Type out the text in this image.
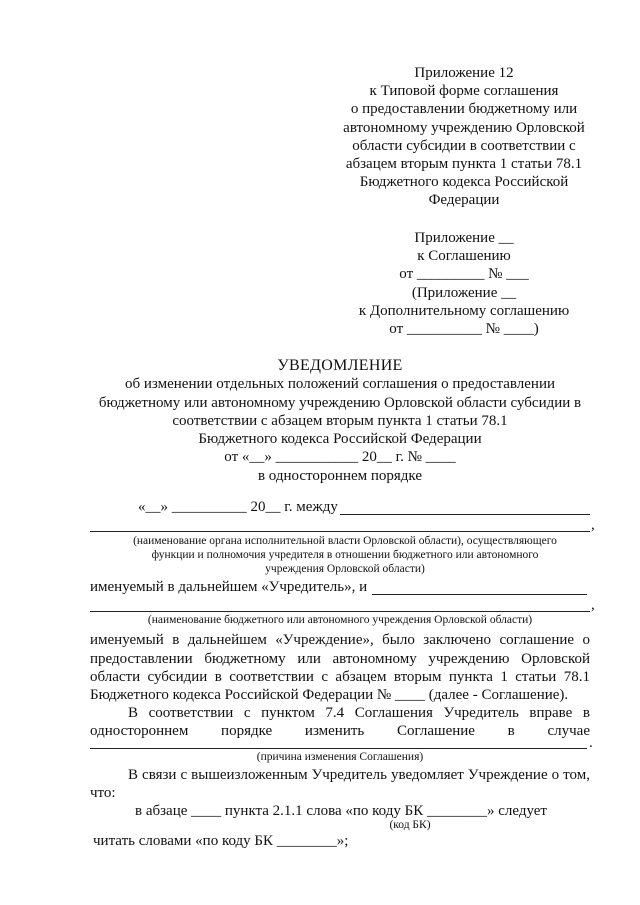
Приложение 12
к Типовой форме соглашения
о предоставлении бюджетному или
автономному учреждению Орловской
области субсидии в соответствии с
абзацем вторым пункта 1 статьи 78.1
Бюджетного кодекса Российской
Федерации
Приложение __
к Соглашению
от _________ № ___
(Приложение __
к Дополнительному соглашению
от __________ № ____)
УВЕДОМЛЕНИЕ
об изменении отдельных положений соглашения о предоставлении
бюджетному или автономному учреждению Орловской области субсидии в
соответствии с абзацем вторым пункта 1 статьи 78.1
Бюджетного кодекса Российской Федерации
от «__» ___________ 20__ г. № ____
в одностороннем порядке
«__» __________ 20__ г. между
,
(наименование органа исполнительной власти Орловской области), осуществляющего
функции и полномочия учредителя в отношении бюджетного или автономного
учреждения Орловской области)
именуемый в дальнейшем «Учредитель», и
,
(наименование бюджетного или автономного учреждения Орловской области)
именуемый в дальнейшем «Учреждение», было заключено соглашение о
предоставлении бюджетному или автономному учреждению Орловской
области субсидии в соответствии с абзацем вторым пункта 1 статьи 78.1
Бюджетного кодекса Российской Федерации № ____ (далее - Соглашение).
В соответствии с пунктом 7.4 Соглашения Учредитель вправе в
одностороннем порядке изменить Соглашение в случае
.
(причина изменения Соглашения)
В связи с вышеизложенным Учредитель уведомляет Учреждение о том,
что:
в абзаце ____ пункта 2.1.1 слова «по коду БК ________» следует
(код БК)
читать словами «по коду БК ________»;
